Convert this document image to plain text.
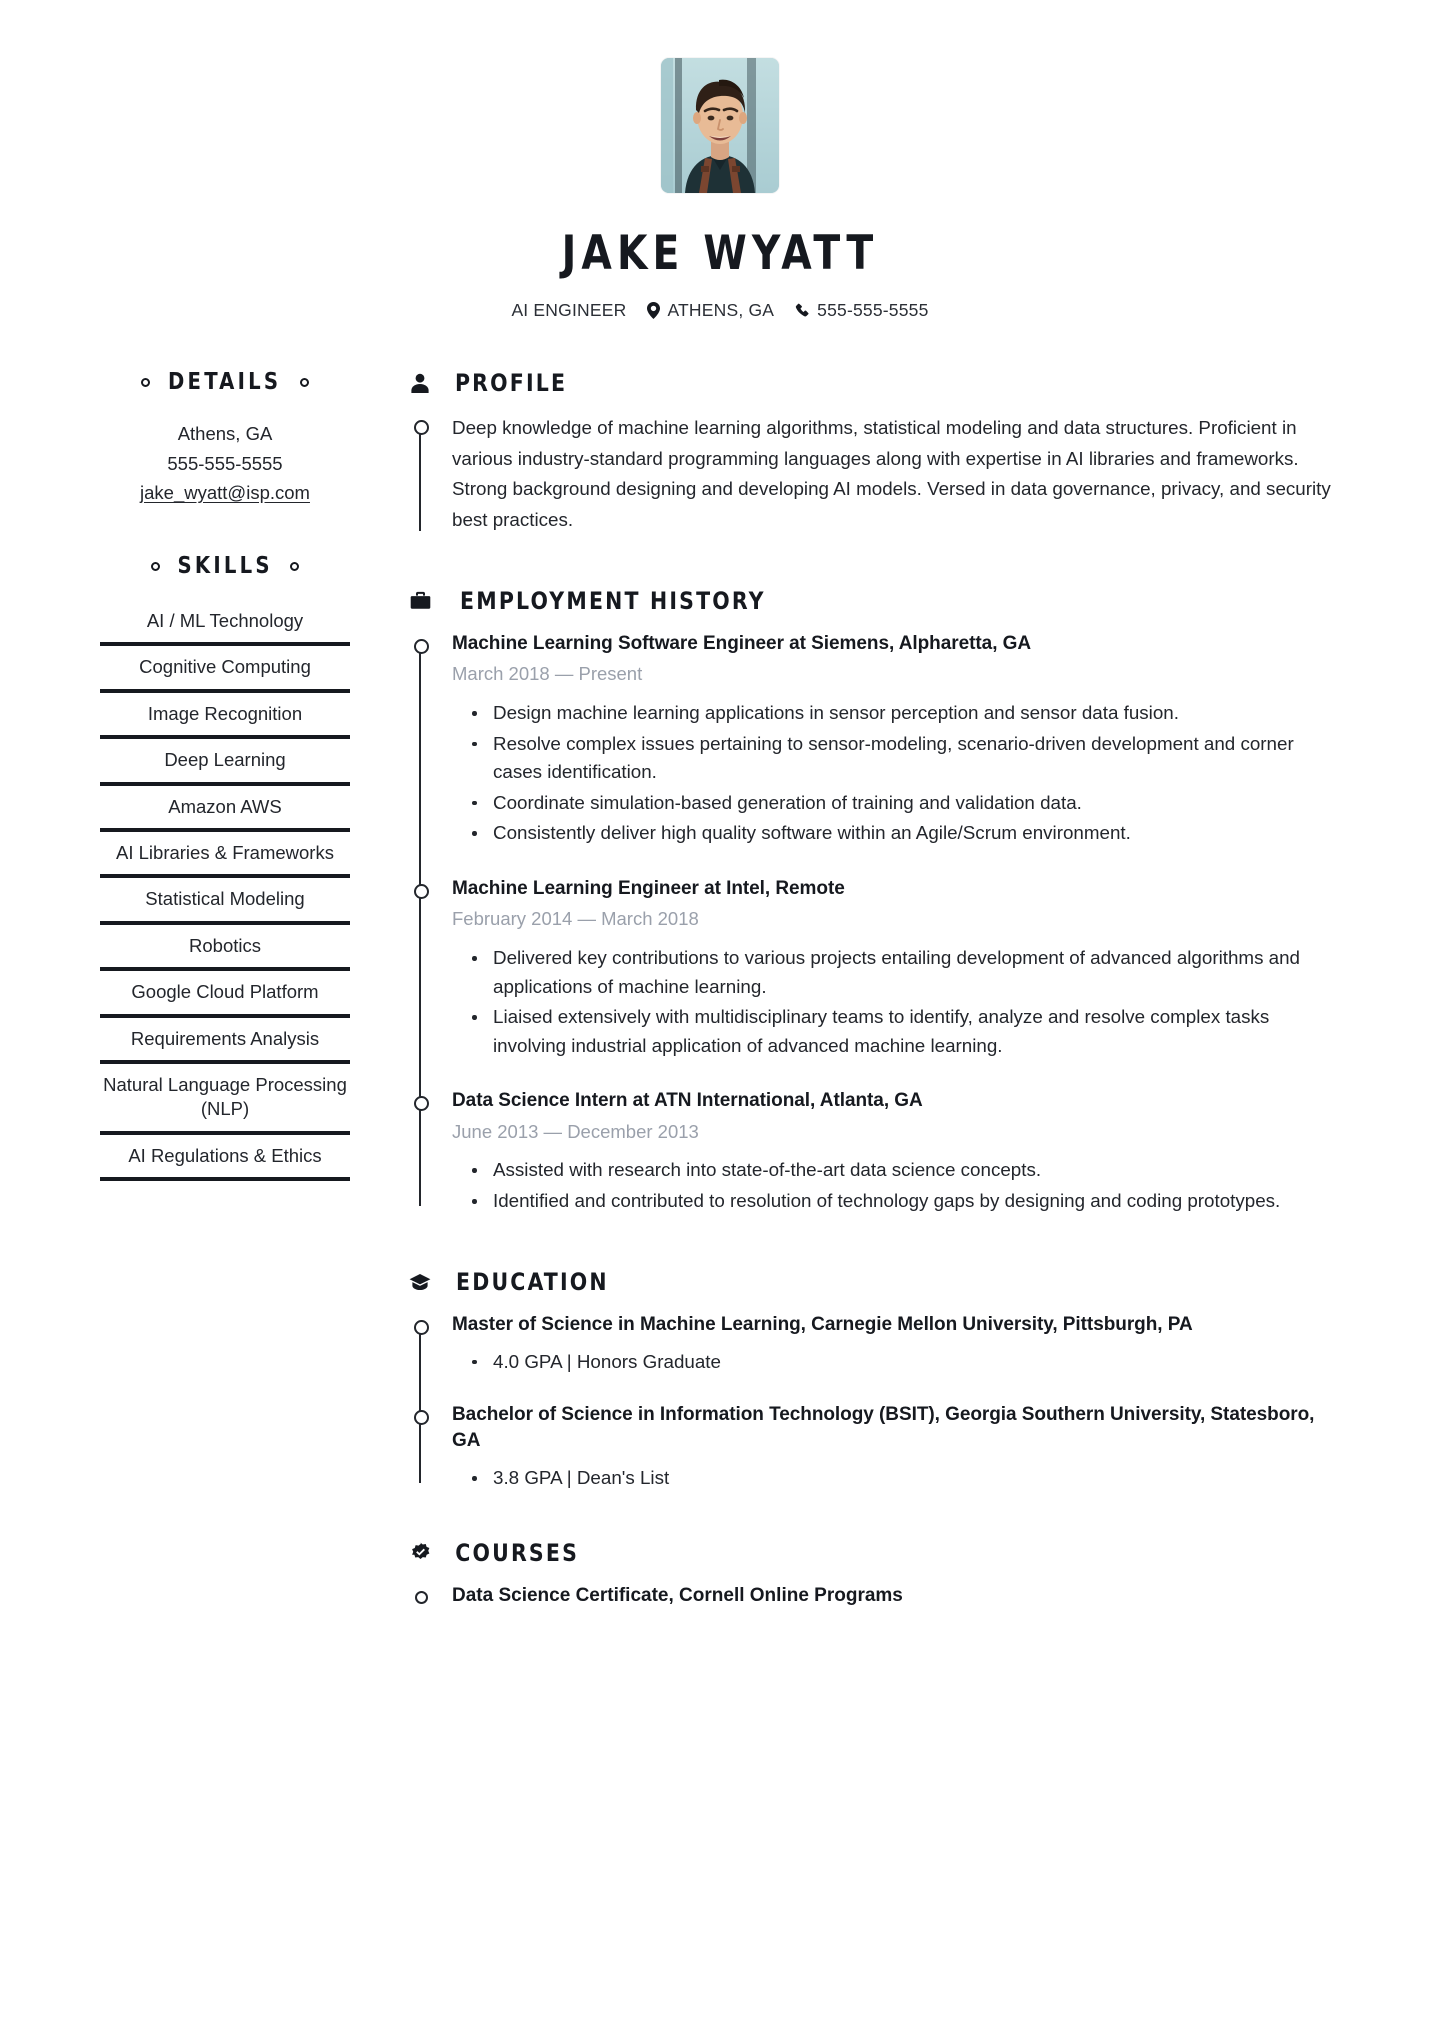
JAKE WYATT
AI ENGINEER ATHENS, GA 555-555-5555
DETAILS
Athens, GA
555-555-5555
jake_wyatt@isp.com
SKILLS
AI / ML Technology
Cognitive Computing
Image Recognition
Deep Learning
Amazon AWS
AI Libraries & Frameworks
Statistical Modeling
Robotics
Google Cloud Platform
Requirements Analysis
Natural Language Processing (NLP)
AI Regulations & Ethics
PROFILE
Deep knowledge of machine learning algorithms, statistical modeling and data structures. Proficient in various industry-standard programming languages along with expertise in AI libraries and frameworks. Strong background designing and developing AI models. Versed in data governance, privacy, and security best practices.
EMPLOYMENT HISTORY
Machine Learning Software Engineer at Siemens, Alpharetta, GA
March 2018 — Present
Design machine learning applications in sensor perception and sensor data fusion.
Resolve complex issues pertaining to sensor-modeling, scenario-driven development and corner cases identification.
Coordinate simulation-based generation of training and validation data.
Consistently deliver high quality software within an Agile/Scrum environment.
Machine Learning Engineer at Intel, Remote
February 2014 — March 2018
Delivered key contributions to various projects entailing development of advanced algorithms and applications of machine learning.
Liaised extensively with multidisciplinary teams to identify, analyze and resolve complex tasks involving industrial application of advanced machine learning.
Data Science Intern at ATN International, Atlanta, GA
June 2013 — December 2013
Assisted with research into state-of-the-art data science concepts.
Identified and contributed to resolution of technology gaps by designing and coding prototypes.
EDUCATION
Master of Science in Machine Learning, Carnegie Mellon University, Pittsburgh, PA
4.0 GPA | Honors Graduate
Bachelor of Science in Information Technology (BSIT), Georgia Southern University, Statesboro, GA
3.8 GPA | Dean's List
COURSES
Data Science Certificate, Cornell Online Programs
